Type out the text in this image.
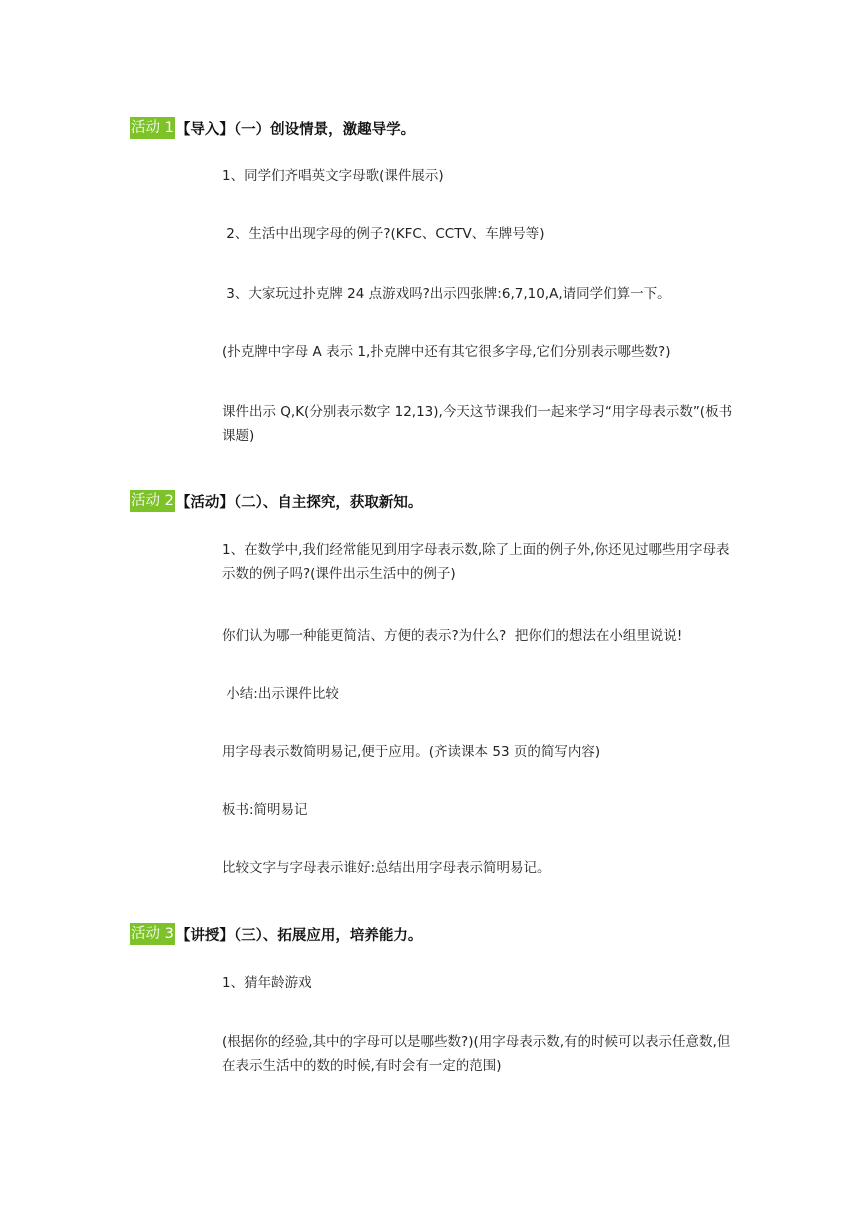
活动 1 【导入】（一）创设情景，激趣导学。

1、同学们齐唱英文字母歌(课件展示)

2、生活中出现字母的例子?(KFC、CCTV、车牌号等)

3、大家玩过扑克牌 24 点游戏吗?出示四张牌:6,7,10,A,请同学们算一下。

(扑克牌中字母 A 表示 1,扑克牌中还有其它很多字母,它们分别表示哪些数?)

课件出示 Q,K(分别表示数字 12,13),今天这节课我们一起来学习“用字母表示数”(板书课题)

活动 2 【活动】（二）、自主探究，获取新知。

1、在数学中,我们经常能见到用字母表示数,除了上面的例子外,你还见过哪些用字母表示数的例子吗?(课件出示生活中的例子)

你们认为哪一种能更简洁、方便的表示?为什么?  把你们的想法在小组里说说!

小结:出示课件比较

用字母表示数简明易记,便于应用。(齐读课本 53 页的简写内容)

板书:简明易记

比较文字与字母表示谁好:总结出用字母表示简明易记。

活动 3 【讲授】（三）、拓展应用，培养能力。

1、猜年龄游戏

(根据你的经验,其中的字母可以是哪些数?)(用字母表示数,有的时候可以表示任意数,但在表示生活中的数的时候,有时会有一定的范围)
